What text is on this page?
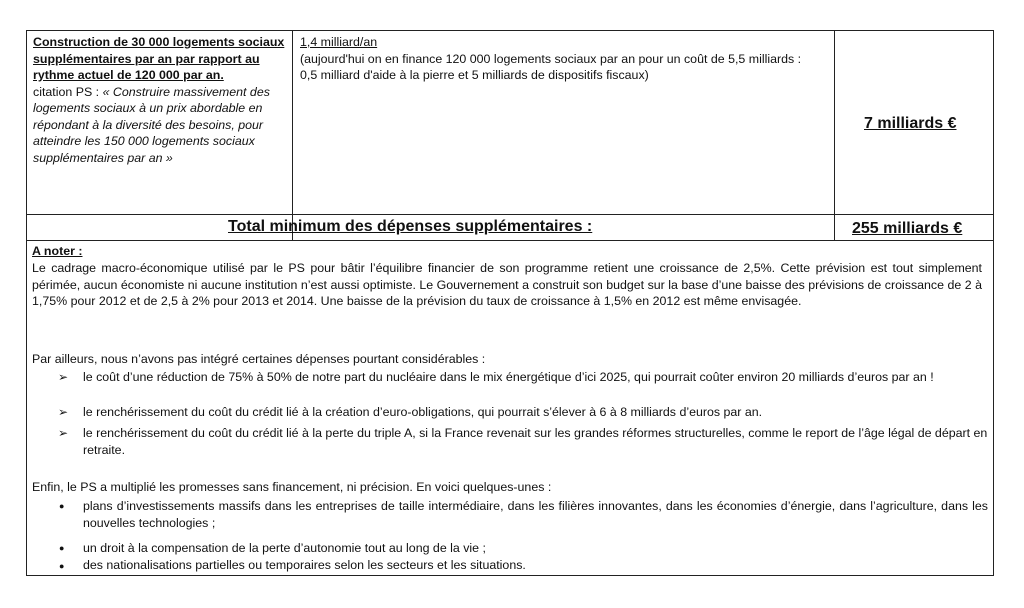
Construction de 30 000 logements sociaux supplémentaires par an par rapport au rythme actuel de 120 000 par an.
citation PS : « Construire massivement des logements sociaux à un prix abordable en répondant à la diversité des besoins, pour atteindre les 150 000 logements sociaux supplémentaires par an »
1,4 milliard/an
(aujourd'hui on en finance 120 000 logements sociaux par an pour un coût de 5,5 milliards : 0,5 milliard d'aide à la pierre et 5 milliards de dispositifs fiscaux)
7 milliards €
Total minimum des dépenses supplémentaires :	255 milliards €
A noter :
Le cadrage macro-économique utilisé par le PS pour bâtir l’équilibre financier de son programme retient une croissance de 2,5%. Cette prévision est tout simplement périmée, aucun économiste ni aucune institution n’est aussi optimiste. Le Gouvernement a construit son budget sur la base d’une baisse des prévisions de croissance de 2 à 1,75% pour 2012 et de 2,5 à 2% pour 2013 et 2014. Une baisse de la prévision du taux de croissance à 1,5% en 2012 est même envisagée.
Par ailleurs, nous n’avons pas intégré certaines dépenses pourtant considérables :
➢ le coût d’une réduction de 75% à 50% de notre part du nucléaire dans le mix énergétique d’ici 2025, qui pourrait coûter environ 20 milliards d’euros par an !
➢ le renchérissement du coût du crédit lié à la création d’euro-obligations, qui pourrait s’élever à 6 à 8 milliards d’euros par an.
➢ le renchérissement du coût du crédit lié à la perte du triple A, si la France revenait sur les grandes réformes structurelles, comme le report de l’âge légal de départ en retraite.
Enfin, le PS a multiplié les promesses sans financement, ni précision. En voici quelques-unes :
● plans d’investissements massifs dans les entreprises de taille intermédiaire, dans les filières innovantes, dans les économies d’énergie, dans l’agriculture, dans les nouvelles technologies ;
● un droit à la compensation de la perte d’autonomie tout au long de la vie ;
● des nationalisations partielles ou temporaires selon les secteurs et les situations.
